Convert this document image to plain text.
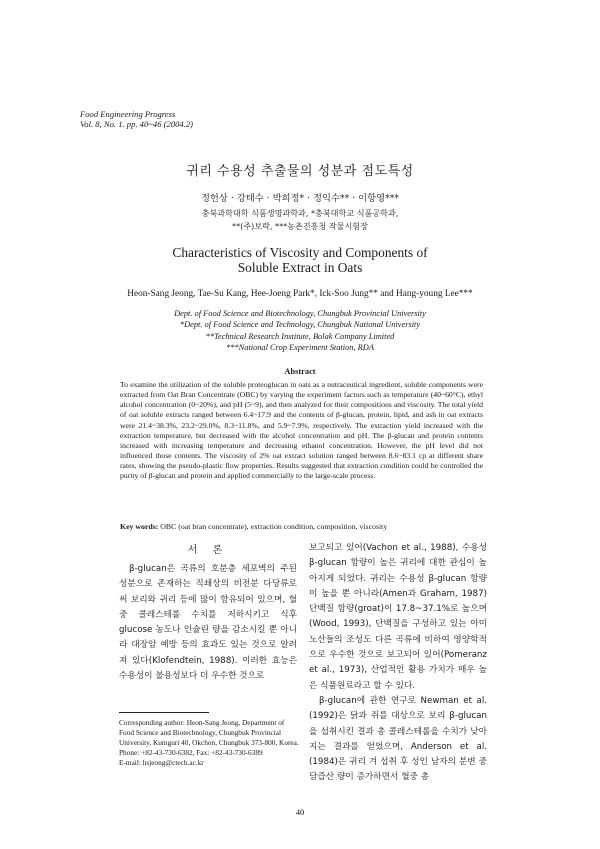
Food Engineering Progress
Vol. 8, No. 1. pp. 40~46 (2004.2)
귀리 수용성 추출물의 성분과 점도특성
정헌상 · 강태수 · 박희정* · 정익수** · 이항영***
충북과학대학 식품생명과학과, *충북대학교 식품공학과,
**(주)보락, ***농촌진흥청 작물시험장
Characteristics of Viscosity and Components of
Soluble Extract in Oats
Heon-Sang Jeong, Tae-Su Kang, Hee-Joeng Park*, Ick-Soo Jung** and Hang-young Lee***
Dept. of Food Science and Biotechnology, Chungbuk Provincial University
*Dept. of Food Science and Technology, Chungbuk National University
**Technical Research Institute, Bolak Company Limited
***National Crop Experiment Station, RDA
Abstract

To examine the utilization of the soluble proteoglucan in oats as a nutraceutical ingredient, soluble components were extracted from Oat Bran Concentrate (OBC) by varying the experiment factors such as temperature (40~60°C), ethyl alcohol concentration (0~20%), and pH (5~9), and then analyzed for their compositions and viscosity. The total yield of oat soluble extracts ranged between 6.4~17.9 and the contents of β-glucan, protein, lipid, and ash in oat extracts were 21.4~38.3%, 23.2~29.0%, 8.3~11.8%, and 5.9~7.9%, respectively. The extraction yield increased with the extraction temperature, but decreased with the alcohol concentration and pH. The β-glucan and protein contents increased with increasing temperature and decreasing ethanol concentration. However, the pH level did not influenced those contents. The viscosity of 2% oat extract solution ranged between 8.6~83.1 cp at different share rates, showing the pseudo-plastic flow properties. Results suggested that extraction condition could be controlled the purity of β-glucan and protein and applied commercially to the large-scale process.

Key words: OBC (oat bran concentrate), extraction condition, composition, viscosity
서 론

β-glucan은 곡류의 호분층 세포벽의 주된 성분으로 존재하는 직쇄상의 비전분 다당류로써 보리와 귀리 등에 많이 함유되어 있으며, 혈중 콜레스테롤 수치를 저하시키고 식후 glucose 농도나 인슐린 량을 감소시킬 뿐 아니라 대장암 예방 등의 효과도 있는 것으로 알려져 있다(Klofendtein, 1988). 이러한 효능은 수용성이 불용성보다 더 우수한 것으로

보고되고 있어(Vachon et al., 1988), 수용성 β-glucan 함량이 높은 귀리에 대한 관심이 높아지게 되었다. 귀리는 수용성 β-glucan 함량이 높을 뿐 아니라(Amen과 Graham, 1987) 단백질 함량(groat)이 17.8~37.1%로 높으며(Wood, 1993), 단백질을 구성하고 있는 아미노산들의 조성도 다른 곡류에 비하여 영양학적으로 우수한 것으로 보고되어 있어(Pomeranz et al., 1973), 산업적인 활용 가치가 매우 높은 식품원료라고 할 수 있다.

β-glucan에 관한 연구로 Newman et al.(1992)은 닭과 쥐를 대상으로 보리 β-glucan을 섭취시킨 결과 총 콜레스테롤을 수치가 낮아지는 결과를 얻었으며, Anderson et al.(1984)은 귀리 겨 섭취 후 성인 남자의 분변 중 담즙산 량이 증가하면서 혈중 총

Corresponding author: Heon-Sang Jeong, Department of Food Science and Biotechnology, Chungbuk Provincial University, Kumguri 40, Okchon, Chungbuk 373-800, Korea.

Phone: +82-43-730-6382, Fax: +82-43-730-6389

E-mail: hsjeong@ctech.ac.kr

40
